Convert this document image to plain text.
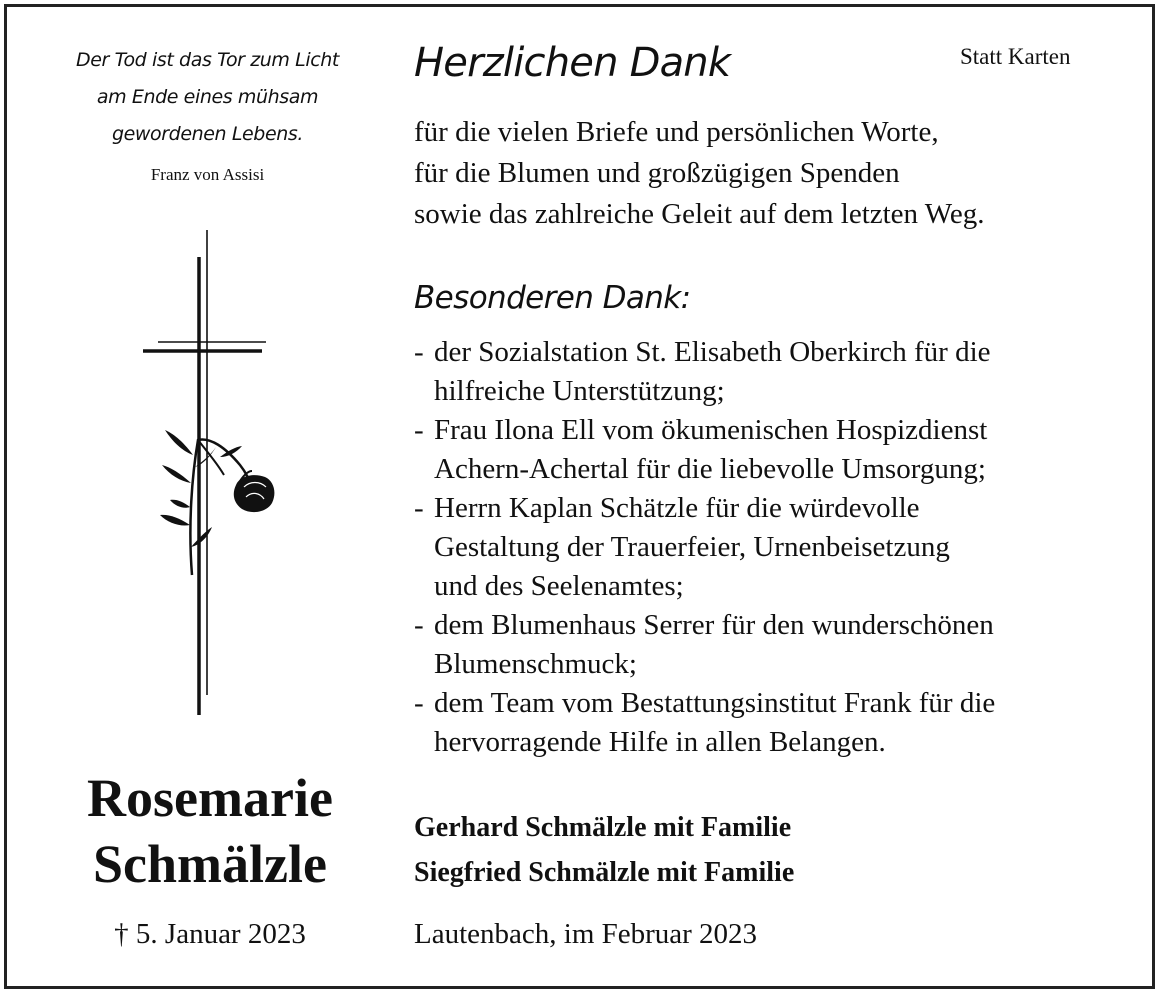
Der Tod ist das Tor zum Licht
am Ende eines mühsam
gewordenen Lebens.
Franz von Assisi
Rosemarie
Schmälzle
† 5. Januar 2023
Herzlichen Dank	Statt Karten
für die vielen Briefe und persönlichen Worte,
für die Blumen und großzügigen Spenden
sowie das zahlreiche Geleit auf dem letzten Weg.
Besonderen Dank:
- der Sozialstation St. Elisabeth Oberkirch für die
hilfreiche Unterstützung;
- Frau Ilona Ell vom ökumenischen Hospizdienst
Achern-Achertal für die liebevolle Umsorgung;
- Herrn Kaplan Schätzle für die würdevolle
Gestaltung der Trauerfeier, Urnenbeisetzung
und des Seelenamtes;
- dem Blumenhaus Serrer für den wunderschönen
Blumenschmuck;
- dem Team vom Bestattungsinstitut Frank für die
hervorragende Hilfe in allen Belangen.
Gerhard Schmälzle mit Familie
Siegfried Schmälzle mit Familie
Lautenbach, im Februar 2023
